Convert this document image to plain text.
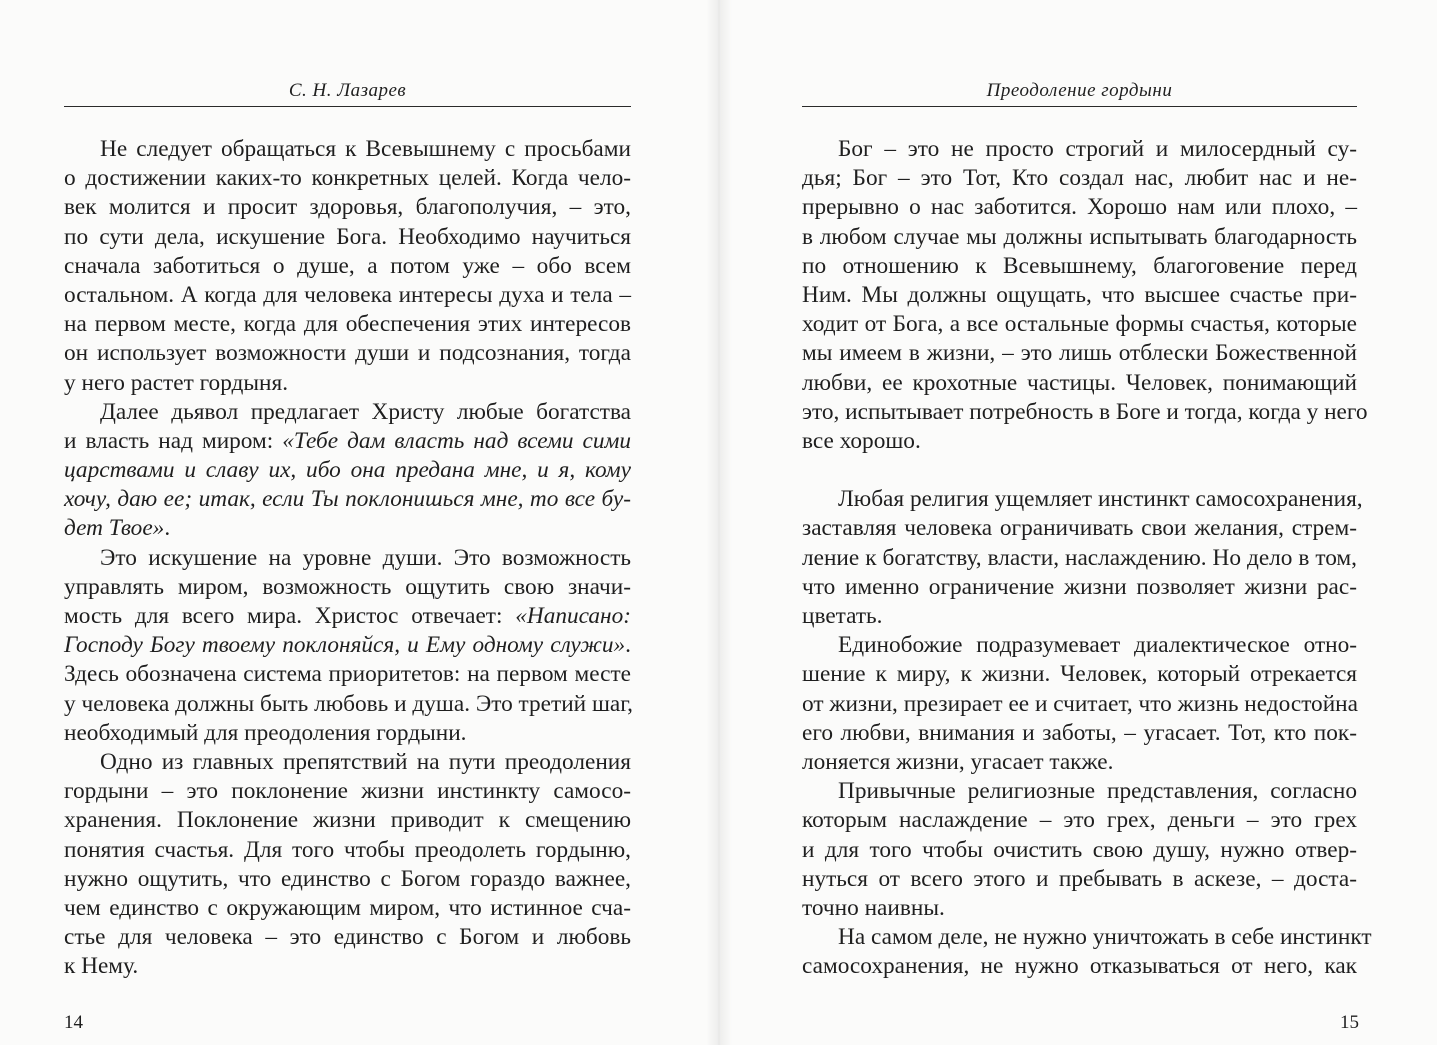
С. Н. Лазарев
Не следует обращаться к Всевышнему с просьбами
о достижении каких-то конкретных целей. Когда чело-
век молится и просит здоровья, благополучия, – это,
по сути дела, искушение Бога. Необходимо научиться
сначала заботиться о душе, а потом уже – обо всем
остальном. А когда для человека интересы духа и тела –
на первом месте, когда для обеспечения этих интересов
он использует возможности души и подсознания, тогда
у него растет гордыня.
Далее дьявол предлагает Христу любые богатства
и власть над миром: «Тебе дам власть над всеми сими
царствами и славу их, ибо она предана мне, и я, кому
хочу, даю ее; итак, если Ты поклонишься мне, то все бу-
дет Твое».
Это искушение на уровне души. Это возможность
управлять миром, возможность ощутить свою значи-
мость для всего мира. Христос отвечает: «Написано:
Господу Богу твоему поклоняйся, и Ему одному служи».
Здесь обозначена система приоритетов: на первом месте
у человека должны быть любовь и душа. Это третий шаг,
необходимый для преодоления гордыни.
Одно из главных препятствий на пути преодоления
гордыни – это поклонение жизни инстинкту самосо-
хранения. Поклонение жизни приводит к смещению
понятия счастья. Для того чтобы преодолеть гордыню,
нужно ощутить, что единство с Богом гораздо важнее,
чем единство с окружающим миром, что истинное сча-
стье для человека – это единство с Богом и любовь
к Нему.
14
Преодоление гордыни
Бог – это не просто строгий и милосердный су-
дья; Бог – это Тот, Кто создал нас, любит нас и не-
прерывно о нас заботится. Хорошо нам или плохо, –
в любом случае мы должны испытывать благодарность
по отношению к Всевышнему, благоговение перед
Ним. Мы должны ощущать, что высшее счастье при-
ходит от Бога, а все остальные формы счастья, которые
мы имеем в жизни, – это лишь отблески Божественной
любви, ее крохотные частицы. Человек, понимающий
это, испытывает потребность в Боге и тогда, когда у него
все хорошо.
Любая религия ущемляет инстинкт самосохранения,
заставляя человека ограничивать свои желания, стрем-
ление к богатству, власти, наслаждению. Но дело в том,
что именно ограничение жизни позволяет жизни рас-
цветать.
Единобожие подразумевает диалектическое отно-
шение к миру, к жизни. Человек, который отрекается
от жизни, презирает ее и считает, что жизнь недостойна
его любви, внимания и заботы, – угасает. Тот, кто пок-
лоняется жизни, угасает также.
Привычные религиозные представления, согласно
которым наслаждение – это грех, деньги – это грех
и для того чтобы очистить свою душу, нужно отвер-
нуться от всего этого и пребывать в аскезе, – доста-
точно наивны.
На самом деле, не нужно уничтожать в себе инстинкт
самосохранения, не нужно отказываться от него, как
15
